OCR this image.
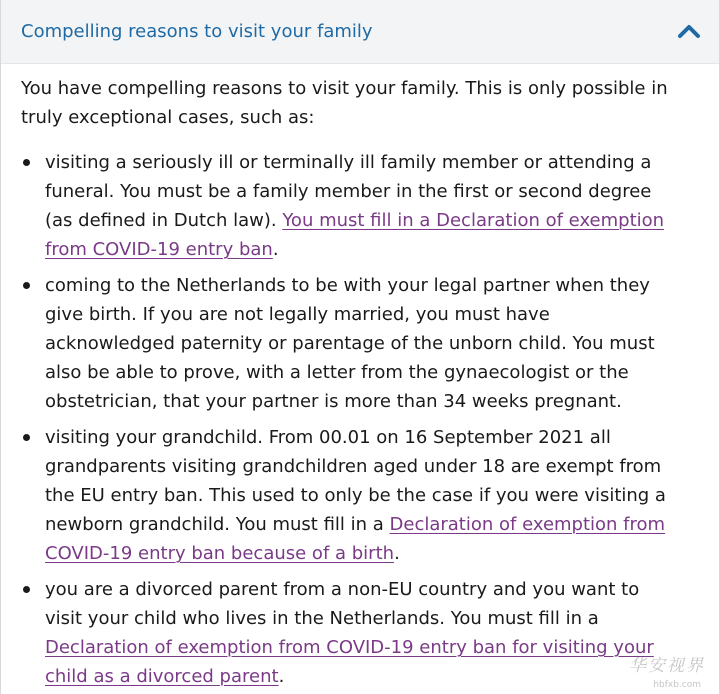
Compelling reasons to visit your family

You have compelling reasons to visit your family. This is only possible in truly exceptional cases, such as:

visiting a seriously ill or terminally ill family member or attending a funeral. You must be a family member in the first or second degree (as defined in Dutch law). You must fill in a Declaration of exemption from COVID-19 entry ban.
coming to the Netherlands to be with your legal partner when they give birth. If you are not legally married, you must have acknowledged paternity or parentage of the unborn child. You must also be able to prove, with a letter from the gynaecologist or the obstetrician, that your partner is more than 34 weeks pregnant.
visiting your grandchild. From 00.01 on 16 September 2021 all grandparents visiting grandchildren aged under 18 are exempt from the EU entry ban. This used to only be the case if you were visiting a newborn grandchild. You must fill in a Declaration of exemption from COVID-19 entry ban because of a birth.
you are a divorced parent from a non-EU country and you want to visit your child who lives in the Netherlands. You must fill in a Declaration of exemption from COVID-19 entry ban for visiting your child as a divorced parent.	华安视界
hbfxb.com
